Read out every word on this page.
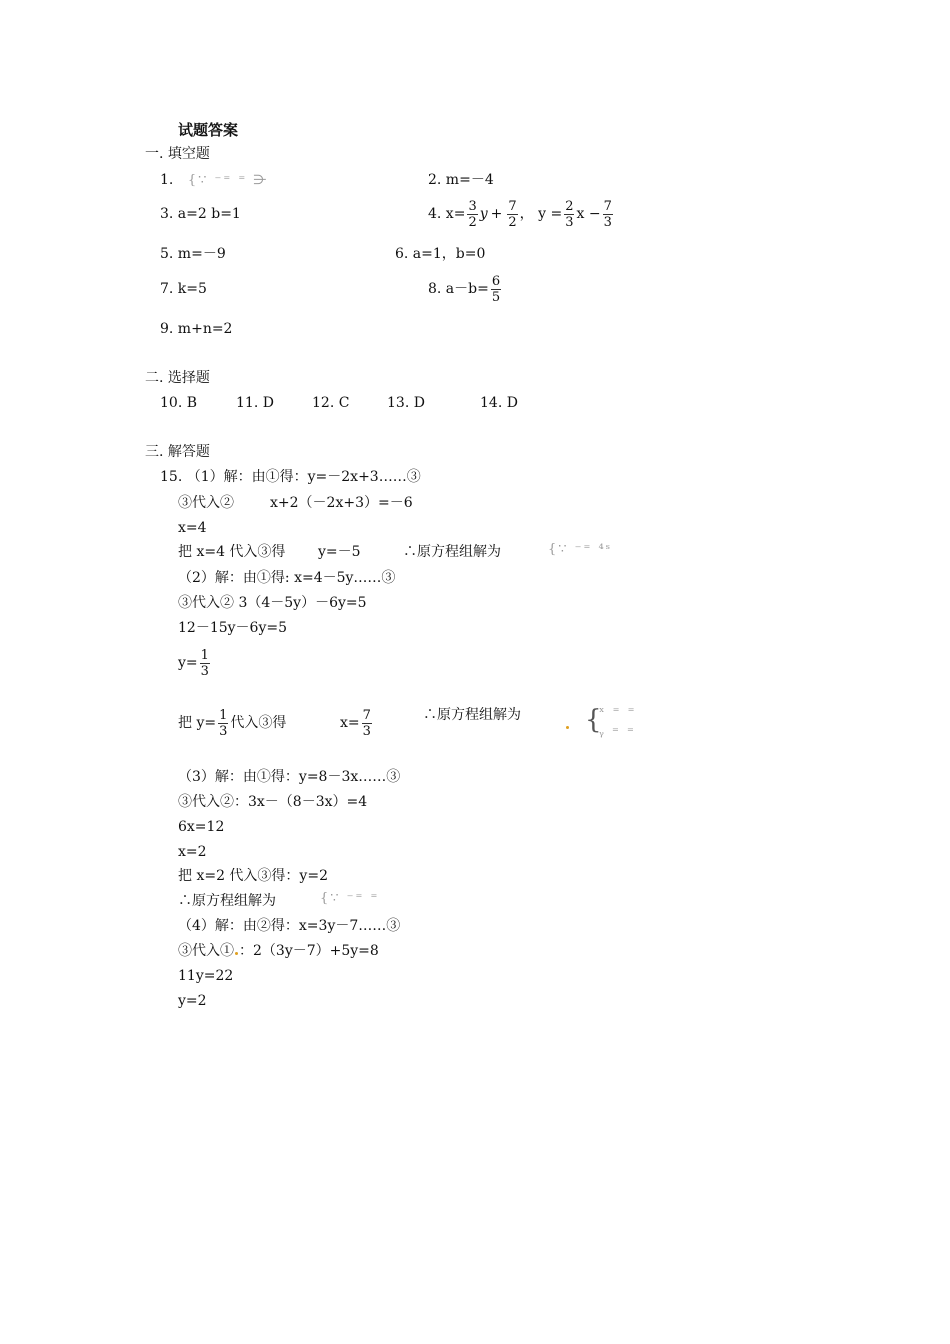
试题答案
一. 填空题
1. {∵ ⁻⁼ ⁼ ⋺	2. m=－4
3. a=2 b=1	4. $x= \frac{3}{2}$ $y + \frac{7}{2}$ ， $y = \frac{2}{3}$ $x - \frac{7}{3}$
5. m=－9	6. a=1，b=0
7. k=5	8. $a-b= \frac{6}{5}$
9. m+n=2
二. 选择题
10. B	11. D	12. C	13. D	14. D
三. 解答题
15. （1）解：由①得：y=－2x+3……③
③代入②	x+2（－2x+3）=－6
x=4
把 x=4 代入③得 y=－5	∴原方程组解为	{∵ ⁻⁼ ⁴ˢ
（2）解：由①得: x=4－5y……③
③代入② 3（4－5y）－6y=5
12－15y－6y=5
$y= \frac{1}{3}$
把 $y= \frac{1}{3}$ 代入③得	$x= \frac{7}{3}$	∴原方程组解为 {
ˣ ⁼ ⁼
ᵧ ⁼ ⁼
（3）解：由①得：y=8－3x……③
③代入②：3x－（8－3x）=4
6x=12
x=2
把 x=2 代入③得：y=2
∴原方程组解为	{∵ ⁻⁼ ⁼
（4）解：由②得：x=3y－7……③
③代入① ：2（3y－7）+5y=8
11y=22
y=2
